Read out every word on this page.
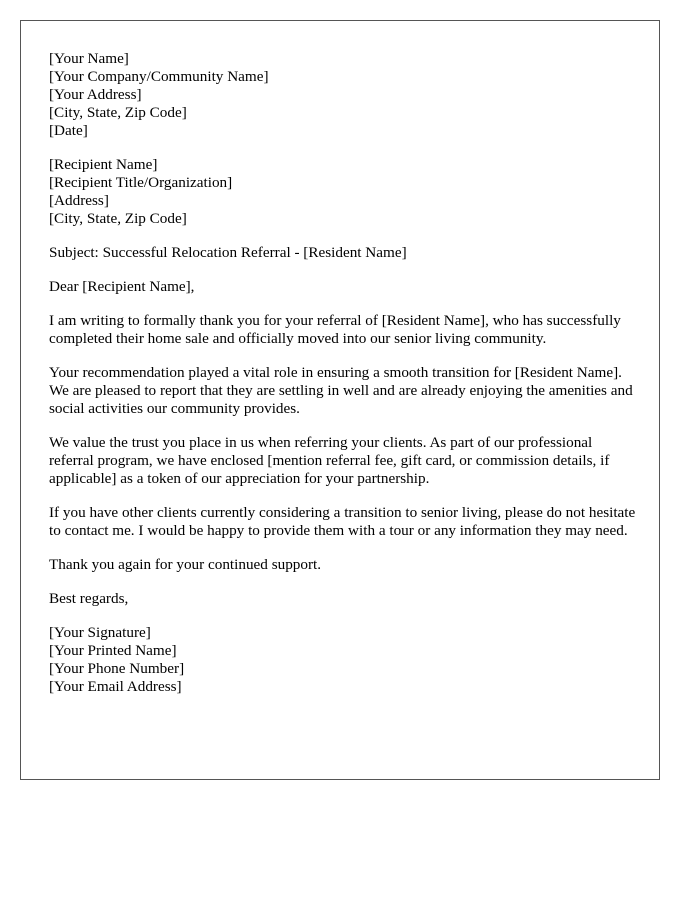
[Your Name]
[Your Company/Community Name]
[Your Address]
[City, State, Zip Code]
[Date]
[Recipient Name]
[Recipient Title/Organization]
[Address]
[City, State, Zip Code]

Subject: Successful Relocation Referral - [Resident Name]

Dear [Recipient Name],

I am writing to formally thank you for your referral of [Resident Name], who has successfully completed their home sale and officially moved into our senior living community.

Your recommendation played a vital role in ensuring a smooth transition for [Resident Name]. We are pleased to report that they are settling in well and are already enjoying the amenities and social activities our community provides.

We value the trust you place in us when referring your clients. As part of our professional referral program, we have enclosed [mention referral fee, gift card, or commission details, if applicable] as a token of our appreciation for your partnership.

If you have other clients currently considering a transition to senior living, please do not hesitate to contact me. I would be happy to provide them with a tour or any information they may need.

Thank you again for your continued support.

Best regards,

[Your Signature]
[Your Printed Name]
[Your Phone Number]
[Your Email Address]
